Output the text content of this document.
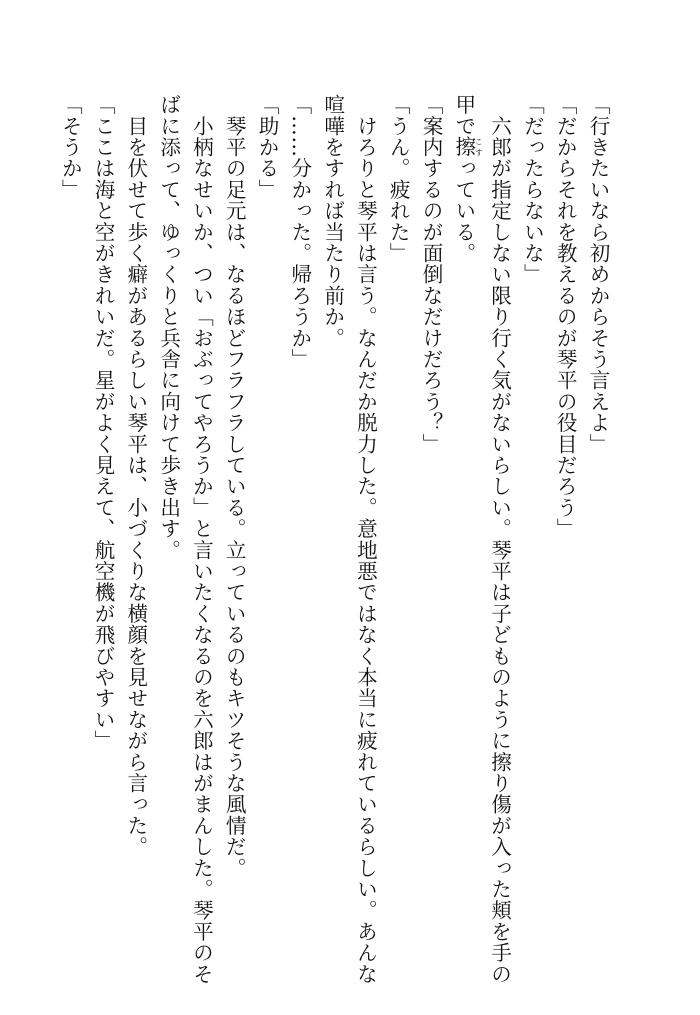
「行きたいなら初めからそう言えよ」
「だからそれを教えるのが琴平の役目だろう」
「だったらないな」
　六郎が指定しない限り行く気がないらしい。琴平は子どものように擦り傷が入った頬を手の
甲で擦こすっている。
「案内するのが面倒なだけだろう？」
「うん。疲れた」
　けろりと琴平は言う。なんだか脱力した。意地悪ではなく本当に疲れているらしい。あんな
喧嘩をすれば当たり前か。
「……分かった。帰ろうか」
「助かる」
　琴平の足元は、なるほどフラフラしている。立っているのもキツそうな風情だ。
　小柄なせいか、つい「おぶってやろうか」と言いたくなるのを六郎はがまんした。琴平のそ
ばに添って、ゆっくりと兵舎に向けて歩き出す。
　目を伏せて歩く癖があるらしい琴平は、小づくりな横顔を見せながら言った。
「ここは海と空がきれいだ。星がよく見えて、航空機が飛びやすい」
「そうか」
